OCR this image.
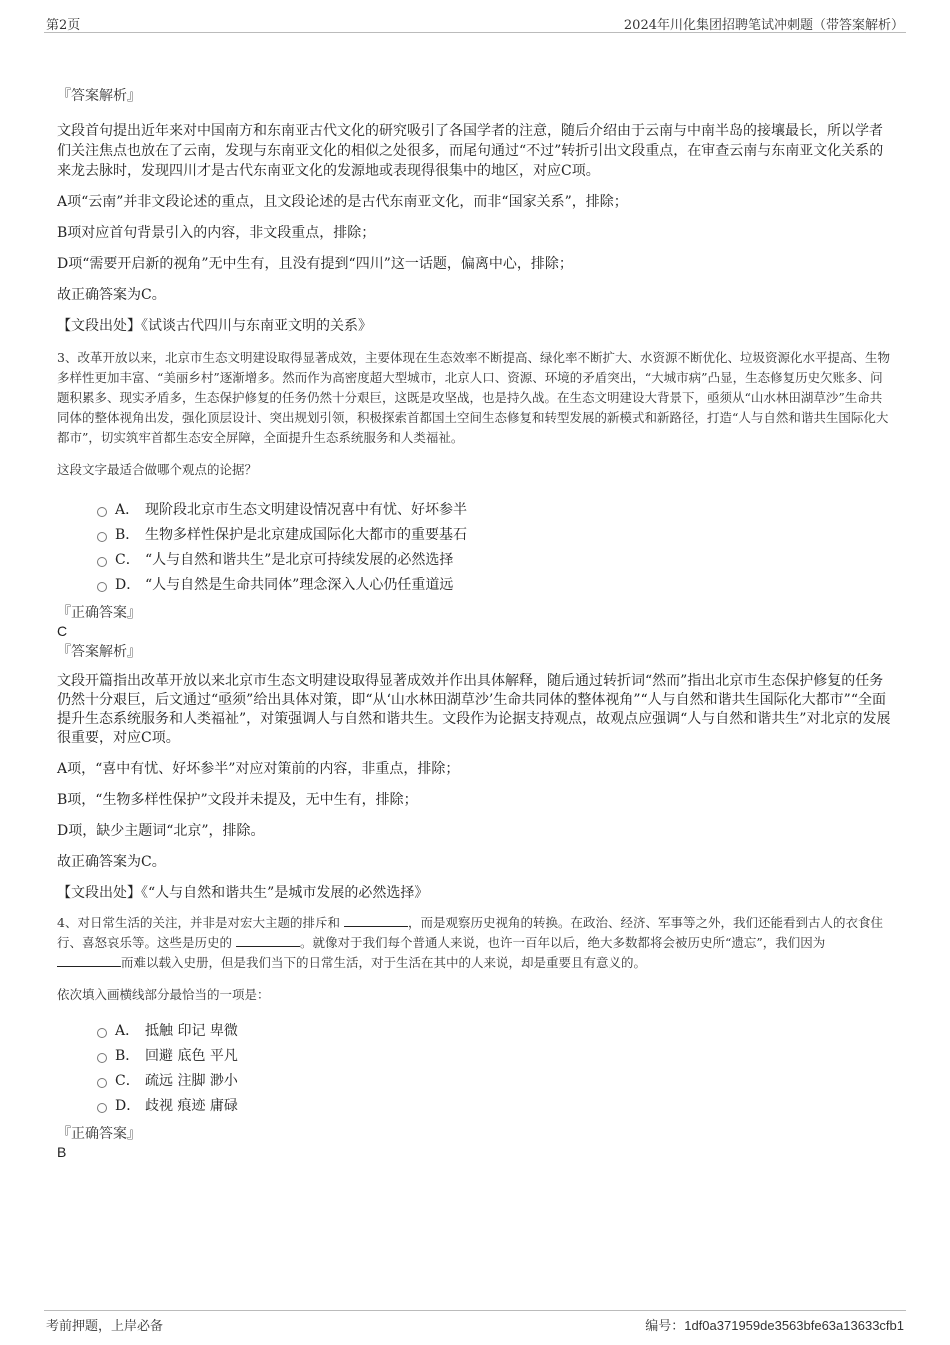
第2页	2024年川化集团招聘笔试冲刺题（带答案解析）

『答案解析』

文段首句提出近年来对中国南方和东南亚古代文化的研究吸引了各国学者的注意，随后介绍由于云南与中南半岛的接壤最长，所以学者们关注焦点也放在了云南，发现与东南亚文化的相似之处很多，而尾句通过“不过”转折引出文段重点，在审查云南与东南亚文化关系的来龙去脉时，发现四川才是古代东南亚文化的发源地或表现得很集中的地区，对应C项。

A项“云南”并非文段论述的重点，且文段论述的是古代东南亚文化，而非“国家关系”，排除；

B项对应首句背景引入的内容，非文段重点，排除；

D项“需要开启新的视角”无中生有，且没有提到“四川”这一话题，偏离中心，排除；

故正确答案为C。

【文段出处】《试谈古代四川与东南亚文明的关系》

3、改革开放以来，北京市生态文明建设取得显著成效，主要体现在生态效率不断提高、绿化率不断扩大、水资源不断优化、垃圾资源化水平提高、生物多样性更加丰富、“美丽乡村”逐渐增多。然而作为高密度超大型城市，北京人口、资源、环境的矛盾突出，“大城市病”凸显，生态修复历史欠账多、问题积累多、现实矛盾多，生态保护修复的任务仍然十分艰巨，这既是攻坚战，也是持久战。在生态文明建设大背景下，亟须从“山水林田湖草沙”生命共同体的整体视角出发，强化顶层设计、突出规划引领，积极探索首都国土空间生态修复和转型发展的新模式和新路径，打造“人与自然和谐共生国际化大都市”，切实筑牢首都生态安全屏障，全面提升生态系统服务和人类福祉。

这段文字最适合做哪个观点的论据？

A． 现阶段北京市生态文明建设情况喜中有忧、好坏参半
B． 生物多样性保护是北京建成国际化大都市的重要基石
C． “人与自然和谐共生”是北京可持续发展的必然选择
D． “人与自然是生命共同体”理念深入人心仍任重道远

『正确答案』

C

『答案解析』

文段开篇指出改革开放以来北京市生态文明建设取得显著成效并作出具体解释，随后通过转折词“然而”指出北京市生态保护修复的任务仍然十分艰巨，后文通过“亟须”给出具体对策，即“从‘山水林田湖草沙’生命共同体的整体视角”“人与自然和谐共生国际化大都市”“全面提升生态系统服务和人类福祉”，对策强调人与自然和谐共生。文段作为论据支持观点，故观点应强调“人与自然和谐共生”对北京的发展很重要，对应C项。

A项，“喜中有忧、好坏参半”对应对策前的内容，非重点，排除；

B项，“生物多样性保护”文段并未提及，无中生有，排除；

D项，缺少主题词“北京”，排除。

故正确答案为C。

【文段出处】《“人与自然和谐共生”是城市发展的必然选择》

4、对日常生活的关注，并非是对宏大主题的排斥和	，而是观察历史视角的转换。在政治、经济、军事等之外，我们还能看到古人的衣食住行、喜怒哀乐等。这些是历史的	。就像对于我们每个普通人来说，也许一百年以后，绝大多数都将会被历史所“遗忘”，我们因为 而难以载入史册，但是我们当下的日常生活，对于生活在其中的人来说，却是重要且有意义的。

依次填入画横线部分最恰当的一项是：

A． 抵触 印记 卑微
B． 回避 底色 平凡
C． 疏远 注脚 渺小
D． 歧视 痕迹 庸碌

『正确答案』

B

考前押题，上岸必备	编号：1df0a371959de3563bfe63a13633cfb1
